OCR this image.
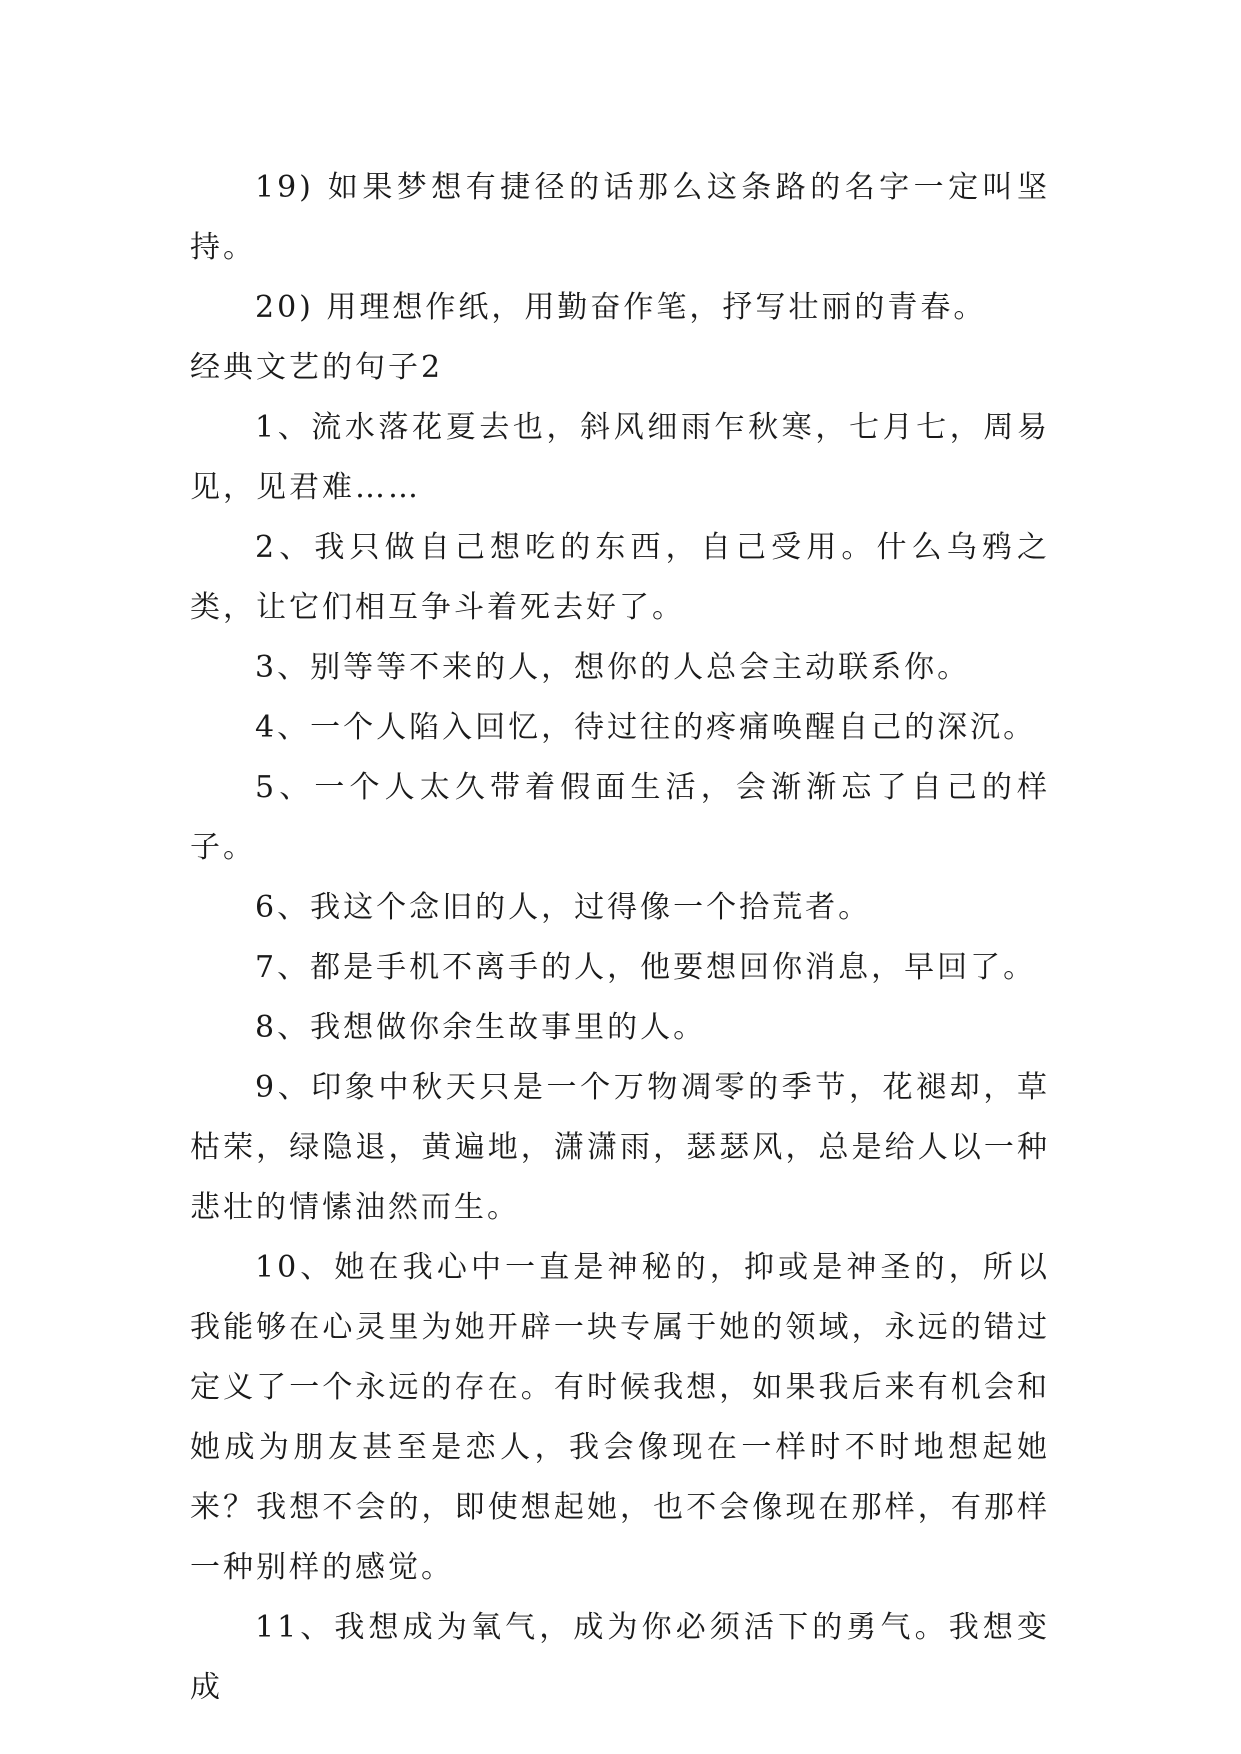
19) 如果梦想有捷径的话那么这条路的名字一定叫坚持。

20) 用理想作纸，用勤奋作笔，抒写壮丽的青春。

经典文艺的句子2

1、流水落花夏去也，斜风细雨乍秋寒，七月七，周易见，见君难……

2、我只做自己想吃的东西，自己受用。什么乌鸦之类，让它们相互争斗着死去好了。

3、别等等不来的人，想你的人总会主动联系你。

4、一个人陷入回忆，待过往的疼痛唤醒自己的深沉。

5、一个人太久带着假面生活，会渐渐忘了自己的样子。

6、我这个念旧的人，过得像一个拾荒者。

7、都是手机不离手的人，他要想回你消息，早回了。

8、我想做你余生故事里的人。

9、印象中秋天只是一个万物凋零的季节，花褪却，草枯荣，绿隐退，黄遍地，潇潇雨，瑟瑟风，总是给人以一种悲壮的情愫油然而生。

10、她在我心中一直是神秘的，抑或是神圣的，所以我能够在心灵里为她开辟一块专属于她的领域，永远的错过定义了一个永远的存在。有时候我想，如果我后来有机会和她成为朋友甚至是恋人，我会像现在一样时不时地想起她来？我想不会的，即使想起她，也不会像现在那样，有那样一种别样的感觉。

11、我想成为氧气，成为你必须活下的勇气。我想变成
